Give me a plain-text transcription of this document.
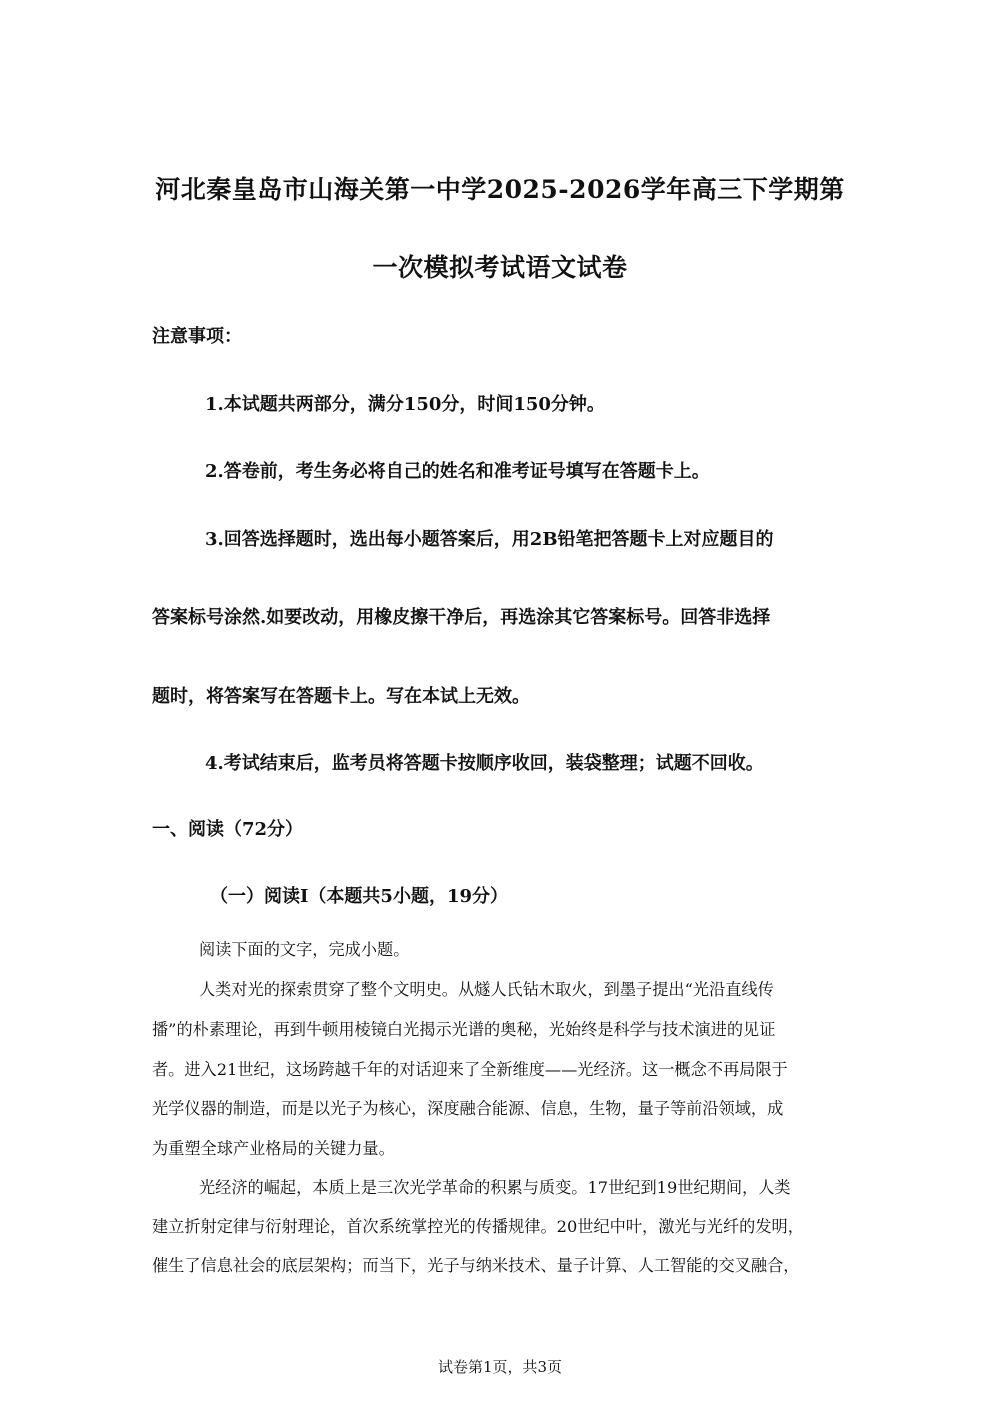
河北秦皇岛市山海关第一中学2025-2026学年高三下学期第
一次模拟考试语文试卷
注意事项：
1.本试题共两部分，满分150分，时间150分钟。
2.答卷前，考生务必将自己的姓名和准考证号填写在答题卡上。
3.回答选择题时，选出每小题答案后，用2B铅笔把答题卡上对应题目的
答案标号涂然.如要改动，用橡皮擦干净后，再选涂其它答案标号。回答非选择
题时，将答案写在答题卡上。写在本试上无效。
4.考试结束后，监考员将答题卡按顺序收回，装袋整理；试题不回收。
一、阅读（72分）
（一）阅读I（本题共5小题，19分）
阅读下面的文字，完成小题。
人类对光的探索贯穿了整个文明史。从燧人氏钻木取火，到墨子提出“光沿直线传
播”的朴素理论，再到牛顿用棱镜白光揭示光谱的奥秘，光始终是科学与技术演进的见证
者。进入21世纪，这场跨越千年的对话迎来了全新维度——光经济。这一概念不再局限于
光学仪器的制造，而是以光子为核心，深度融合能源、信息，生物，量子等前沿领域，成
为重塑全球产业格局的关键力量。
光经济的崛起，本质上是三次光学革命的积累与质变。17世纪到19世纪期间，人类
建立折射定律与衍射理论，首次系统掌控光的传播规律。20世纪中叶，激光与光纤的发明，
催生了信息社会的底层架构；而当下，光子与纳米技术、量子计算、人工智能的交叉融合，
试卷第1页，共3页
